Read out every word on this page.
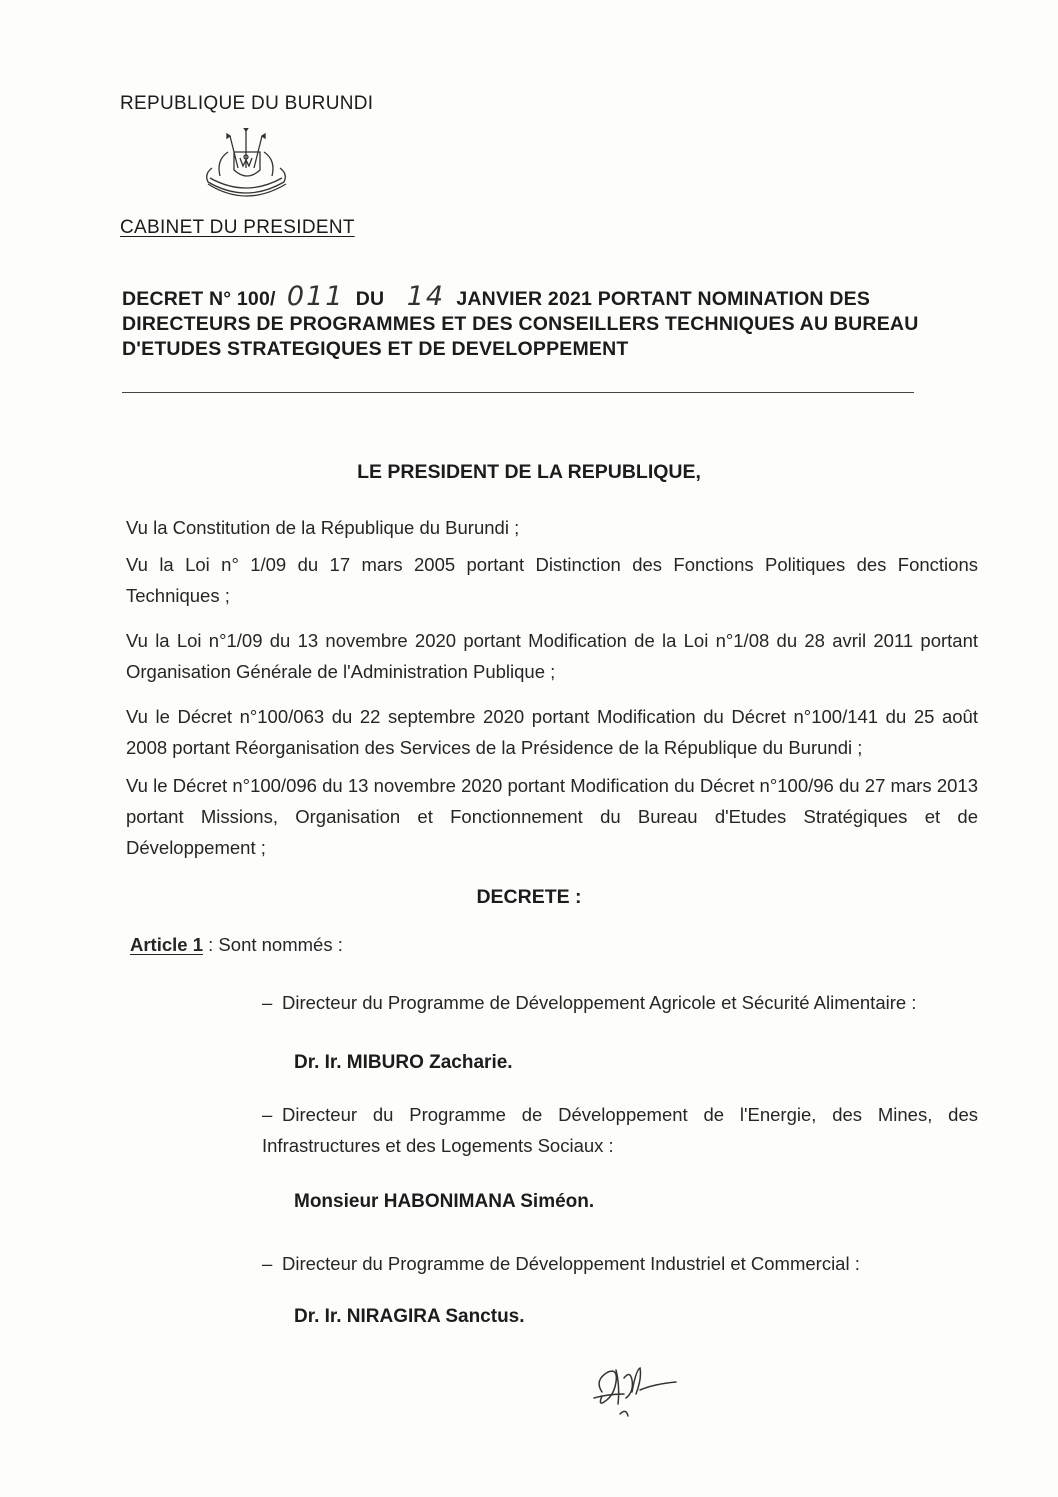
REPUBLIQUE DU BURUNDI
CABINET DU PRESIDENT
DECRET N° 100/ 011 DU 14 JANVIER 2021 PORTANT NOMINATION DES
DIRECTEURS DE PROGRAMMES ET DES CONSEILLERS TECHNIQUES AU BUREAU
D'ETUDES STRATEGIQUES ET DE DEVELOPPEMENT
LE PRESIDENT DE LA REPUBLIQUE,
Vu la Constitution de la République du Burundi ;
Vu la Loi n° 1/09 du 17 mars 2005 portant Distinction des Fonctions Politiques des Fonctions Techniques ;
Vu la Loi n°1/09 du 13 novembre 2020 portant Modification de la Loi n°1/08 du 28 avril 2011 portant Organisation Générale de l'Administration Publique ;
Vu le Décret n°100/063 du 22 septembre 2020 portant Modification du Décret n°100/141 du 25 août 2008 portant Réorganisation des Services de la Présidence de la République du Burundi ;
Vu le Décret n°100/096 du 13 novembre 2020 portant Modification du Décret n°100/96 du 27 mars 2013 portant Missions, Organisation et Fonctionnement du Bureau d'Etudes Stratégiques et de Développement ;
DECRETE :
Article 1 : Sont nommés :
– Directeur du Programme de Développement Agricole et Sécurité Alimentaire :
Dr. Ir. MIBURO Zacharie.
– Directeur du Programme de Développement de l'Energie, des Mines, des Infrastructures et des Logements Sociaux :
Monsieur HABONIMANA Siméon.
– Directeur du Programme de Développement Industriel et Commercial :
Dr. Ir. NIRAGIRA Sanctus.
